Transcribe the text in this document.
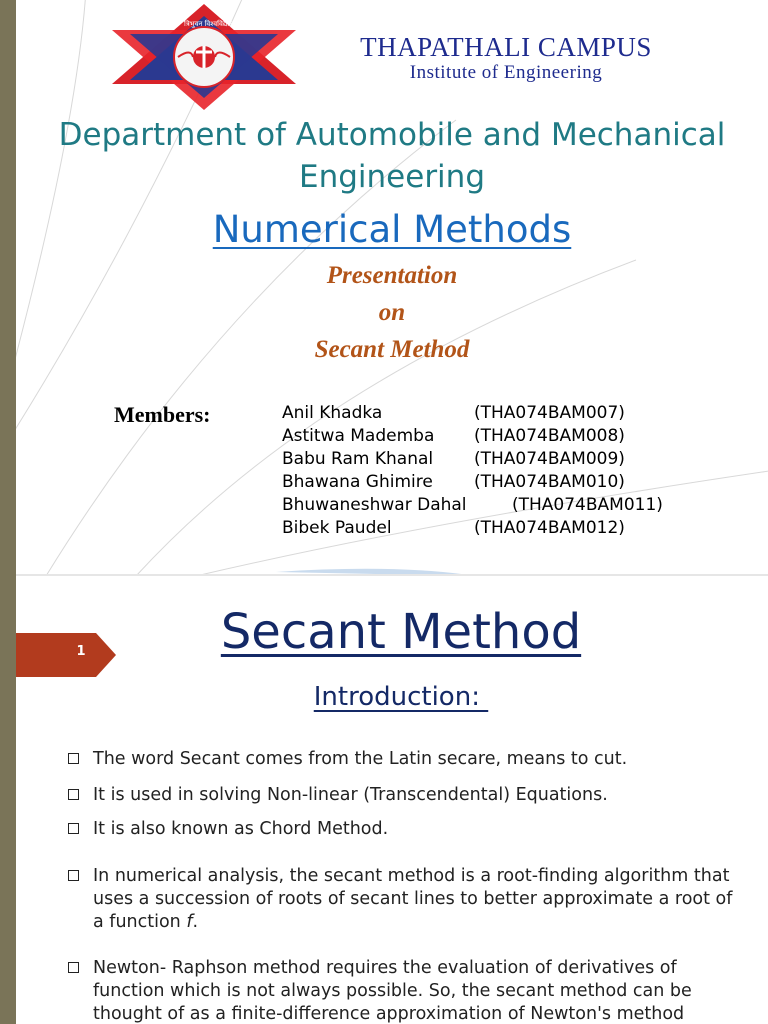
त्रिभुवन विश्वविद्यालय
KATHMANDU	NEPAL
THAPATHALI CAMPUS
Institute of Engineering
Department of Automobile and Mechanical Engineering
Numerical Methods
Presentation
on
Secant Method
Members:	Anil Khadka	(THA074BAM007)
Astitwa Mademba (THA074BAM008)
Babu Ram Khanal (THA074BAM009)
Bhawana Ghimire (THA074BAM010)
Bhuwaneshwar Dahal	(THA074BAM011)
Bibek Paudel	(THA074BAM012)
1	Secant Method
Introduction:
The word Secant comes from the Latin secare, means to cut.
It is used in solving Non-linear (Transcendental) Equations.
It is also known as Chord Method.
In numerical analysis, the secant method is a root-finding algorithm that uses a succession of roots of secant lines to better approximate a root of a function f.
Newton- Raphson method requires the evaluation of derivatives of function which is not always possible. So, the secant method can be thought of as a finite-difference approximation of Newton's method
